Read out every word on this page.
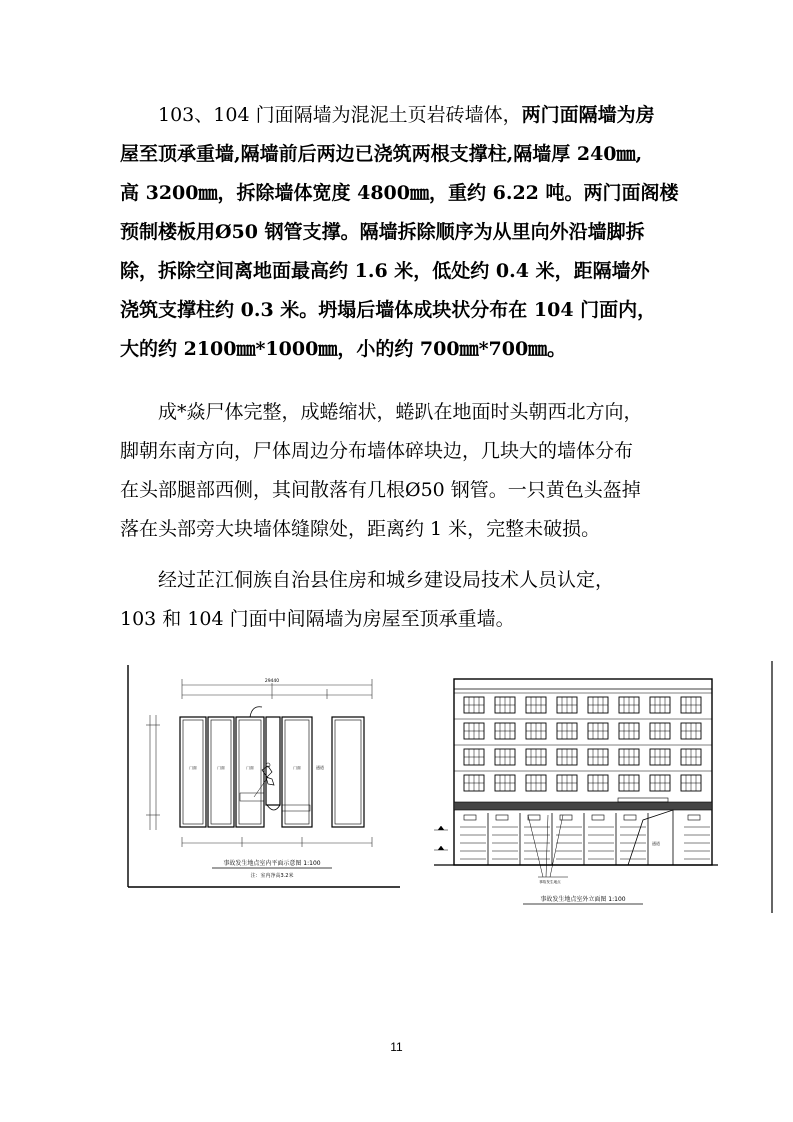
103、104 门面隔墙为混泥土页岩砖墙体，两门面隔墙为房

屋至顶承重墙,隔墙前后两边已浇筑两根支撑柱,隔墙厚 240㎜,

高 3200㎜，拆除墙体宽度 4800㎜，重约 6.22 吨。两门面阁楼

预制楼板用Ø50 钢管支撑。隔墙拆除顺序为从里向外沿墙脚拆

除，拆除空间离地面最高约 1.6 米，低处约 0.4 米，距隔墙外

浇筑支撑柱约 0.3 米。坍塌后墙体成块状分布在 104 门面内，

大的约 2100㎜*1000㎜，小的约 700㎜*700㎜。

成*焱尸体完整，成蜷缩状，蜷趴在地面时头朝西北方向，

脚朝东南方向，尸体周边分布墙体碎块边，几块大的墙体分布

在头部腿部西侧，其间散落有几根Ø50 钢管。一只黄色头盔掉

落在头部旁大块墙体缝隙处，距离约 1 米，完整未破损。

经过芷江侗族自治县住房和城乡建设局技术人员认定，

103 和 104 门面中间隔墙为房屋至顶承重墙。

29440
门面	门面	门面	门面	通道
事故发生地点室内平面示意图 1:100
注：室内净高3.2米
通道
事故发生地点
事故发生地点室外立面图 1:100
11
